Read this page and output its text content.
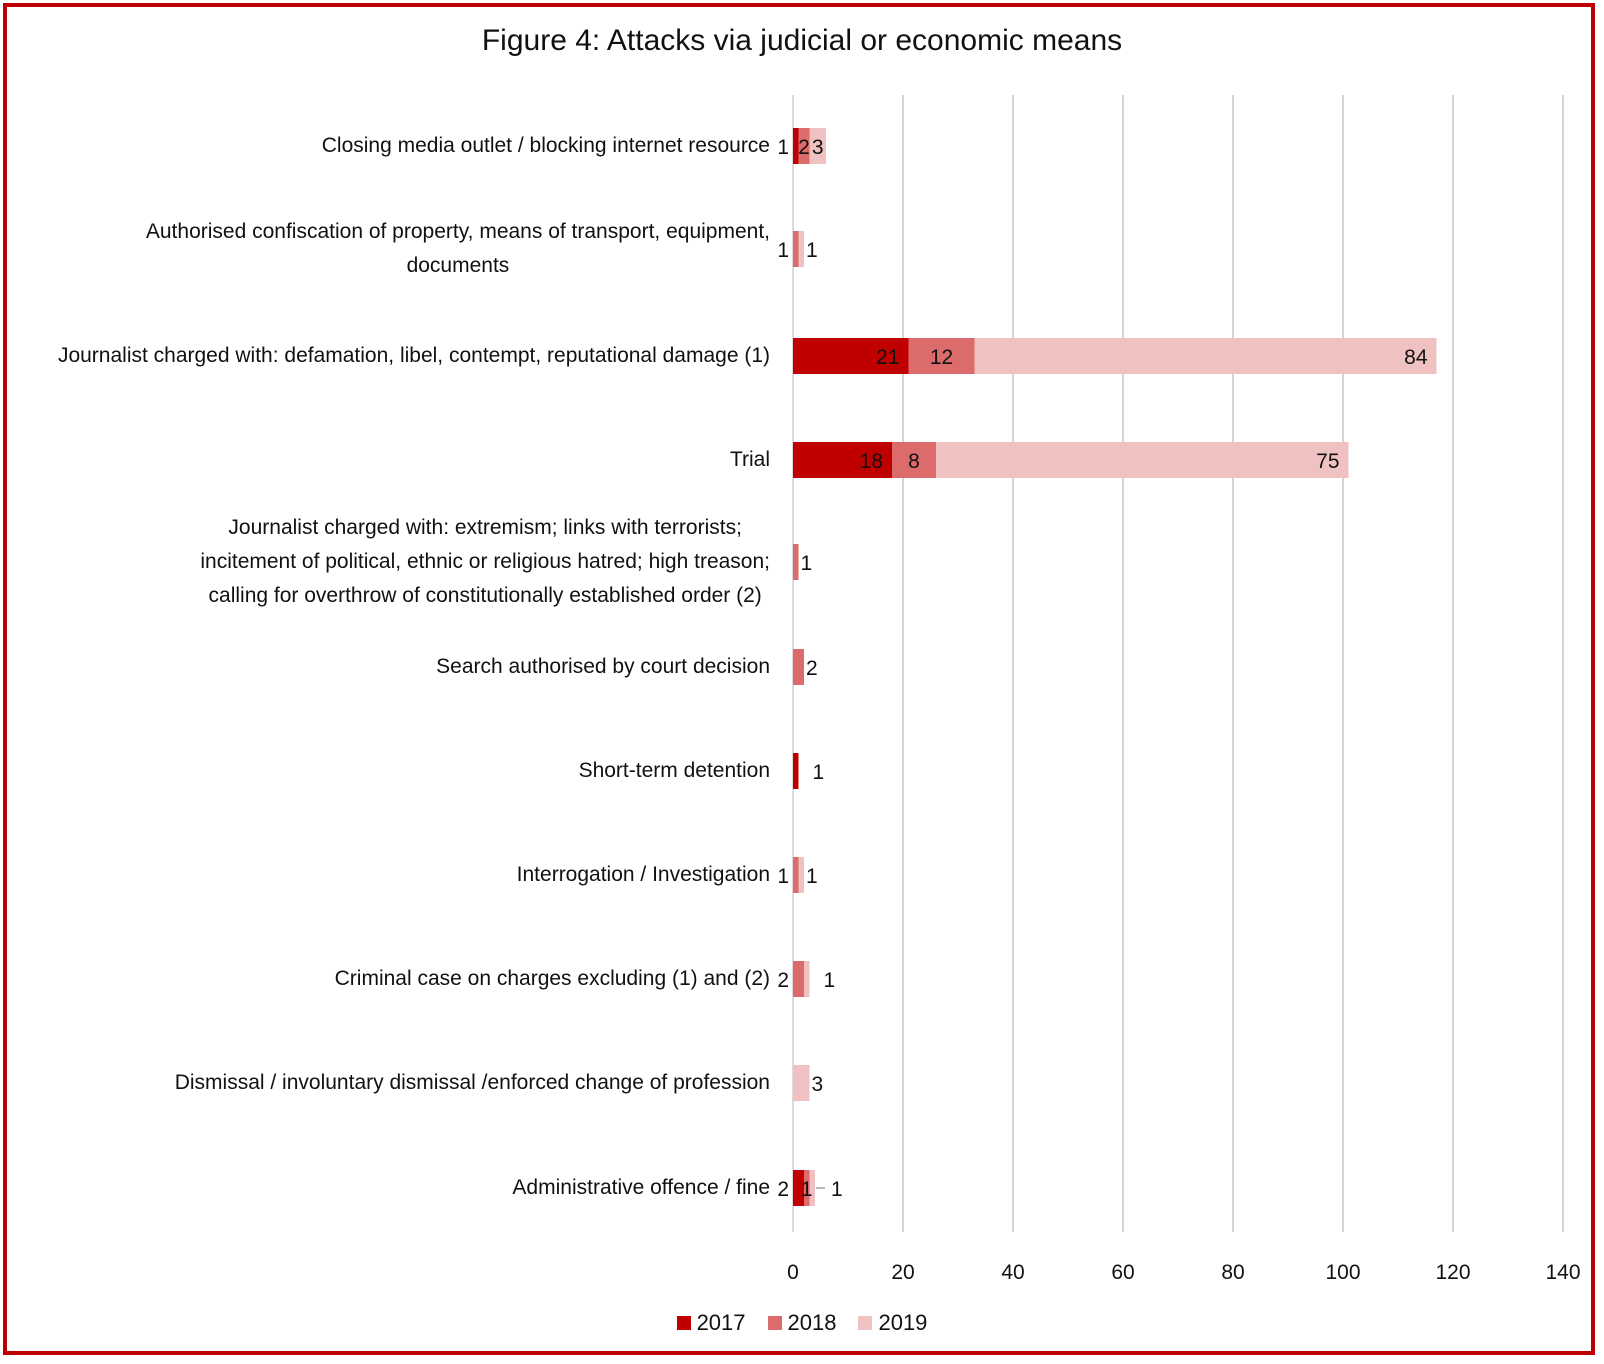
Figure 4: Attacks via judicial or economic means
1 2 3
1 1
21 12	84
18 8	75
1
2
1
1 1
2 1
3
2 1 1
0	20	40	60	80	100	120	140
Closing media outlet / blocking internet resource
Authorised confiscation of property, means of transport, equipment,
documents
Journalist charged with: defamation, libel, contempt, reputational damage (1)
Trial
Journalist charged with: extremism; links with terrorists;
incitement of political, ethnic or religious hatred; high treason;
calling for overthrow of constitutionally established order (2)
Search authorised by court decision
Short-term detention
Interrogation / Investigation
Criminal case on charges excluding (1) and (2)
Dismissal / involuntary dismissal /enforced change of profession
Administrative offence / fine
2017 2018 2019
